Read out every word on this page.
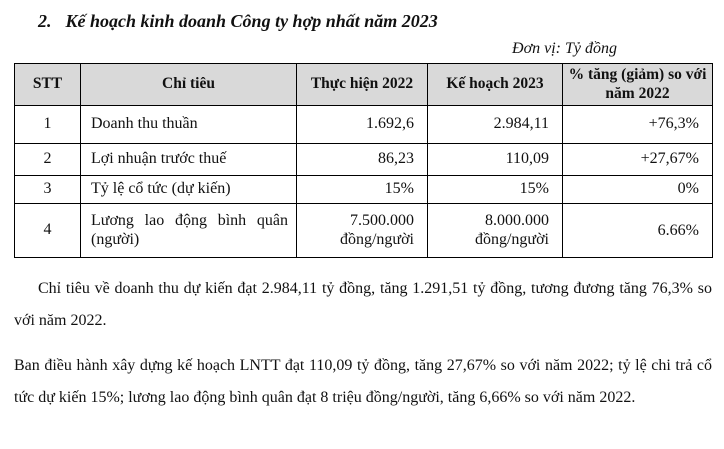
2. Kế hoạch kinh doanh Công ty hợp nhất năm 2023
Đơn vị: Tỷ đồng
STT	Chỉ tiêu	Thực hiện 2022	Kế hoạch 2023	% tăng (giảm) so với năm 2022
1	Doanh thu thuần	1.692,6	2.984,11	+76,3%
2	Lợi nhuận trước thuế	86,23	110,09	+27,67%
3	Tỷ lệ cổ tức (dự kiến)	15%	15%	0%
4	Lương lao động bình quân (người)	7.500.000 đồng/người	8.000.000 đồng/người	6.66%

Chỉ tiêu về doanh thu dự kiến đạt 2.984,11 tỷ đồng, tăng 1.291,51 tỷ đồng, tương đương tăng 76,3% so với năm 2022.

Ban điều hành xây dựng kế hoạch LNTT đạt 110,09 tỷ đồng, tăng 27,67% so với năm 2022; tỷ lệ chi trả cổ tức dự kiến 15%; lương lao động bình quân đạt 8 triệu đồng/người, tăng 6,66% so với năm 2022.
